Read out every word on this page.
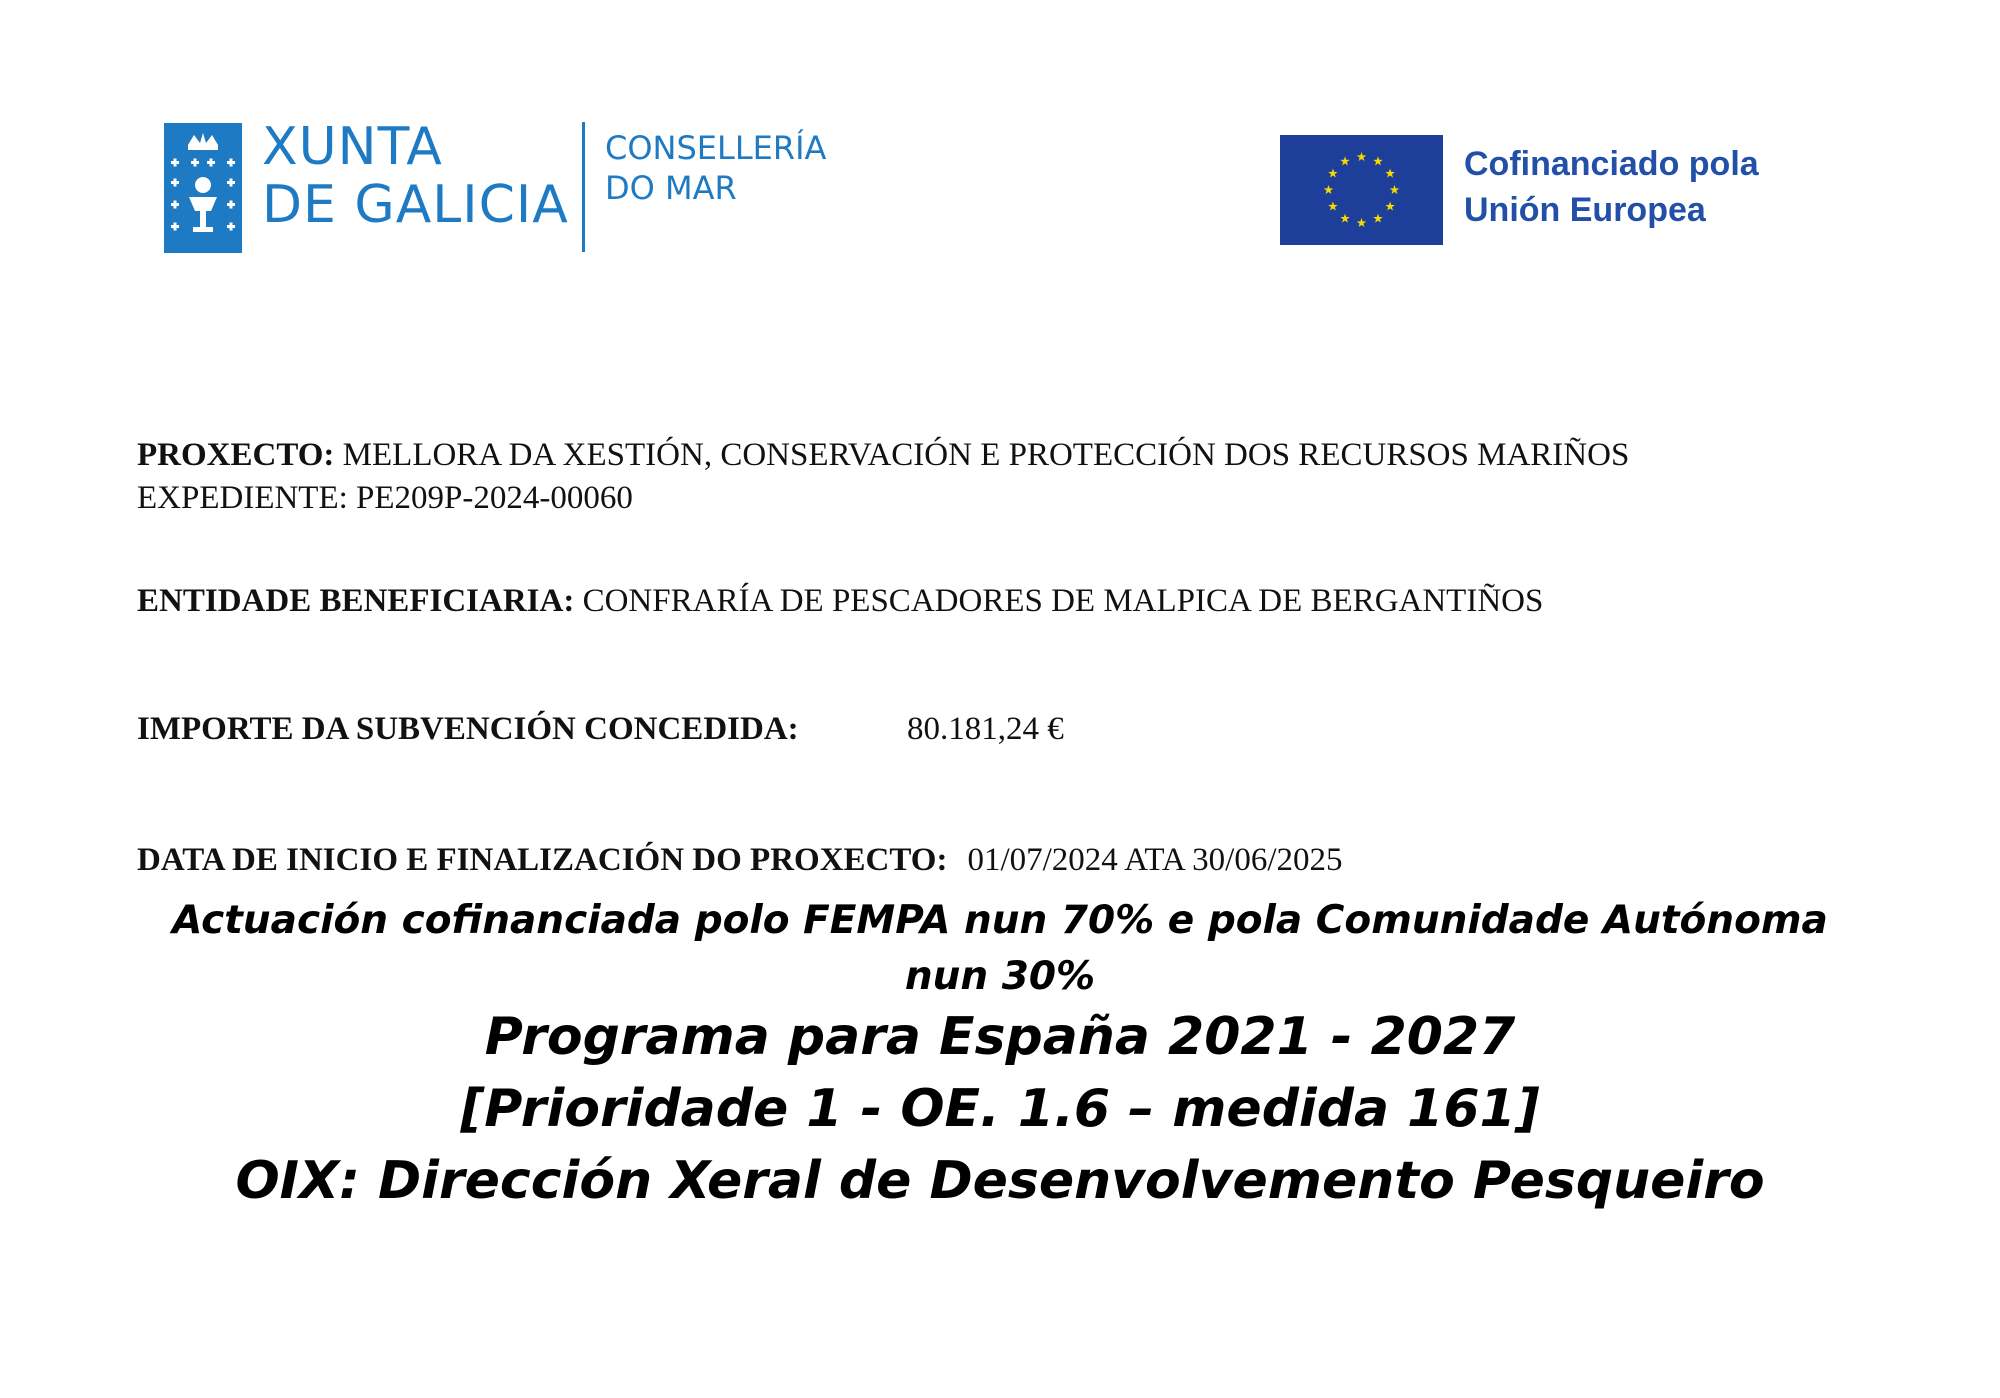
XUNTA
DE GALICIA
CONSELLERÍA
DO MAR
Cofinanciado pola
Unión Europea
PROXECTO: MELLORA DA XESTIÓN, CONSERVACIÓN E PROTECCIÓN DOS RECURSOS MARIÑOS
EXPEDIENTE: PE209P-2024-00060
ENTIDADE BENEFICIARIA: CONFRARÍA DE PESCADORES DE MALPICA DE BERGANTIÑOS
IMPORTE DA SUBVENCIÓN CONCEDIDA:	80.181,24 €
DATA DE INICIO E FINALIZACIÓN DO PROXECTO: 01/07/2024 ATA 30/06/2025
Actuación cofinanciada polo FEMPA nun 70% e pola Comunidade Autónoma
nun 30%
Programa para España 2021 - 2027
[Prioridade 1 - OE. 1.6 – medida 161]
OIX: Dirección Xeral de Desenvolvemento Pesqueiro
